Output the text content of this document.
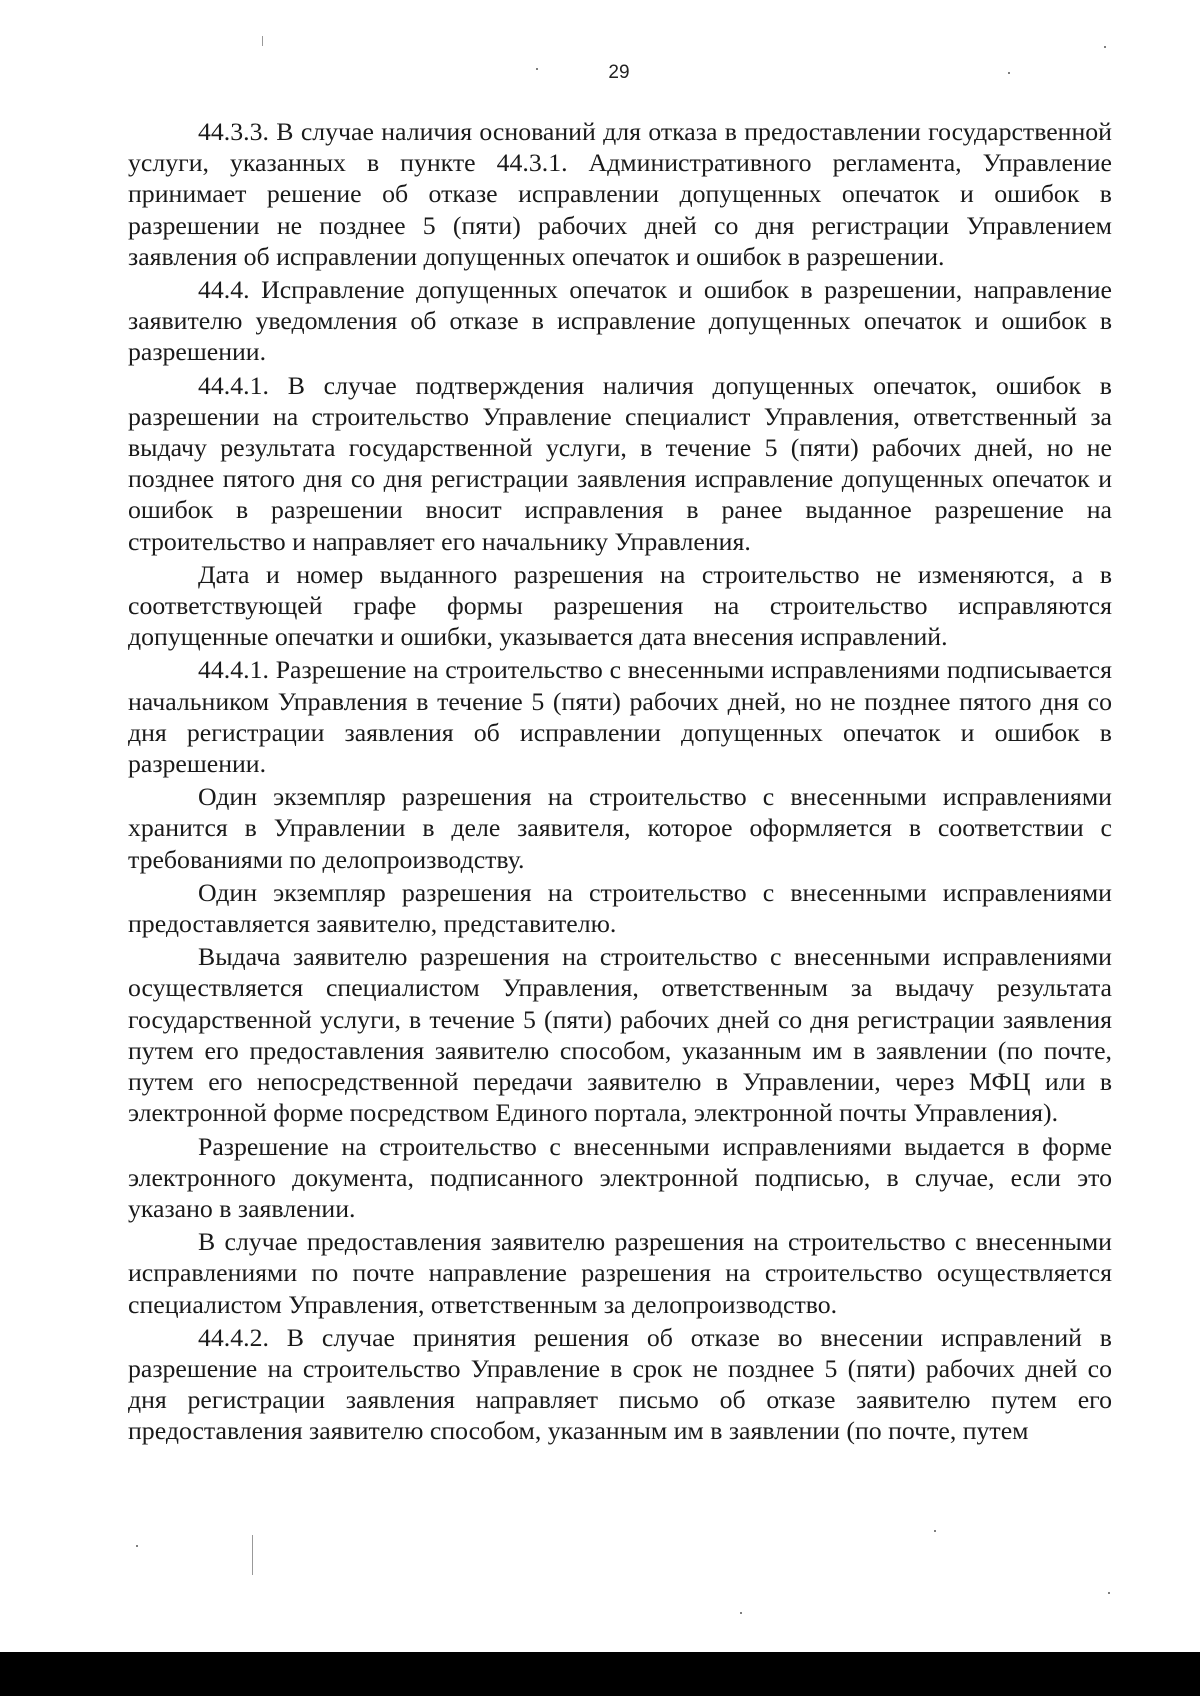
29

44.3.3. В случае наличия оснований для отказа в предоставлении государственной услуги, указанных в пункте 44.3.1. Административного регламента, Управление принимает решение об отказе исправлении допущенных опечаток и ошибок в разрешении не позднее 5 (пяти) рабочих дней со дня регистрации Управлением заявления об исправлении допущенных опечаток и ошибок в разрешении.

44.4. Исправление допущенных опечаток и ошибок в разрешении, направление заявителю уведомления об отказе в исправление допущенных опечаток и ошибок в разрешении.

44.4.1. В случае подтверждения наличия допущенных опечаток, ошибок в разрешении на строительство Управление специалист Управления, ответственный за выдачу результата государственной услуги, в течение 5 (пяти) рабочих дней, но не позднее пятого дня со дня регистрации заявления исправление допущенных опечаток и ошибок в разрешении вносит исправления в ранее выданное разрешение на строительство и направляет его начальнику Управления.

Дата и номер выданного разрешения на строительство не изменяются, а в соответствующей графе формы разрешения на строительство исправляются допущенные опечатки и ошибки, указывается дата внесения исправлений.

44.4.1. Разрешение на строительство с внесенными исправлениями подписывается начальником Управления в течение 5 (пяти) рабочих дней, но не позднее пятого дня со дня регистрации заявления об исправлении допущенных опечаток и ошибок в разрешении.

Один экземпляр разрешения на строительство с внесенными исправлениями хранится в Управлении в деле заявителя, которое оформляется в соответствии с требованиями по делопроизводству.

Один экземпляр разрешения на строительство с внесенными исправлениями предоставляется заявителю, представителю.

Выдача заявителю разрешения на строительство с внесенными исправлениями осуществляется специалистом Управления, ответственным за выдачу результата государственной услуги, в течение 5 (пяти) рабочих дней со дня регистрации заявления путем его предоставления заявителю способом, указанным им в заявлении (по почте, путем его непосредственной передачи заявителю в Управлении, через МФЦ или в электронной форме посредством Единого портала, электронной почты Управления).

Разрешение на строительство с внесенными исправлениями выдается в форме электронного документа, подписанного электронной подписью, в случае, если это указано в заявлении.

В случае предоставления заявителю разрешения на строительство с внесенными исправлениями по почте направление разрешения на строительство осуществляется специалистом Управления, ответственным за делопроизводство.

44.4.2. В случае принятия решения об отказе во внесении исправлений в разрешение на строительство Управление в срок не позднее 5 (пяти) рабочих дней со дня регистрации заявления направляет письмо об отказе заявителю путем его предоставления заявителю способом, указанным им в заявлении (по почте, путем
